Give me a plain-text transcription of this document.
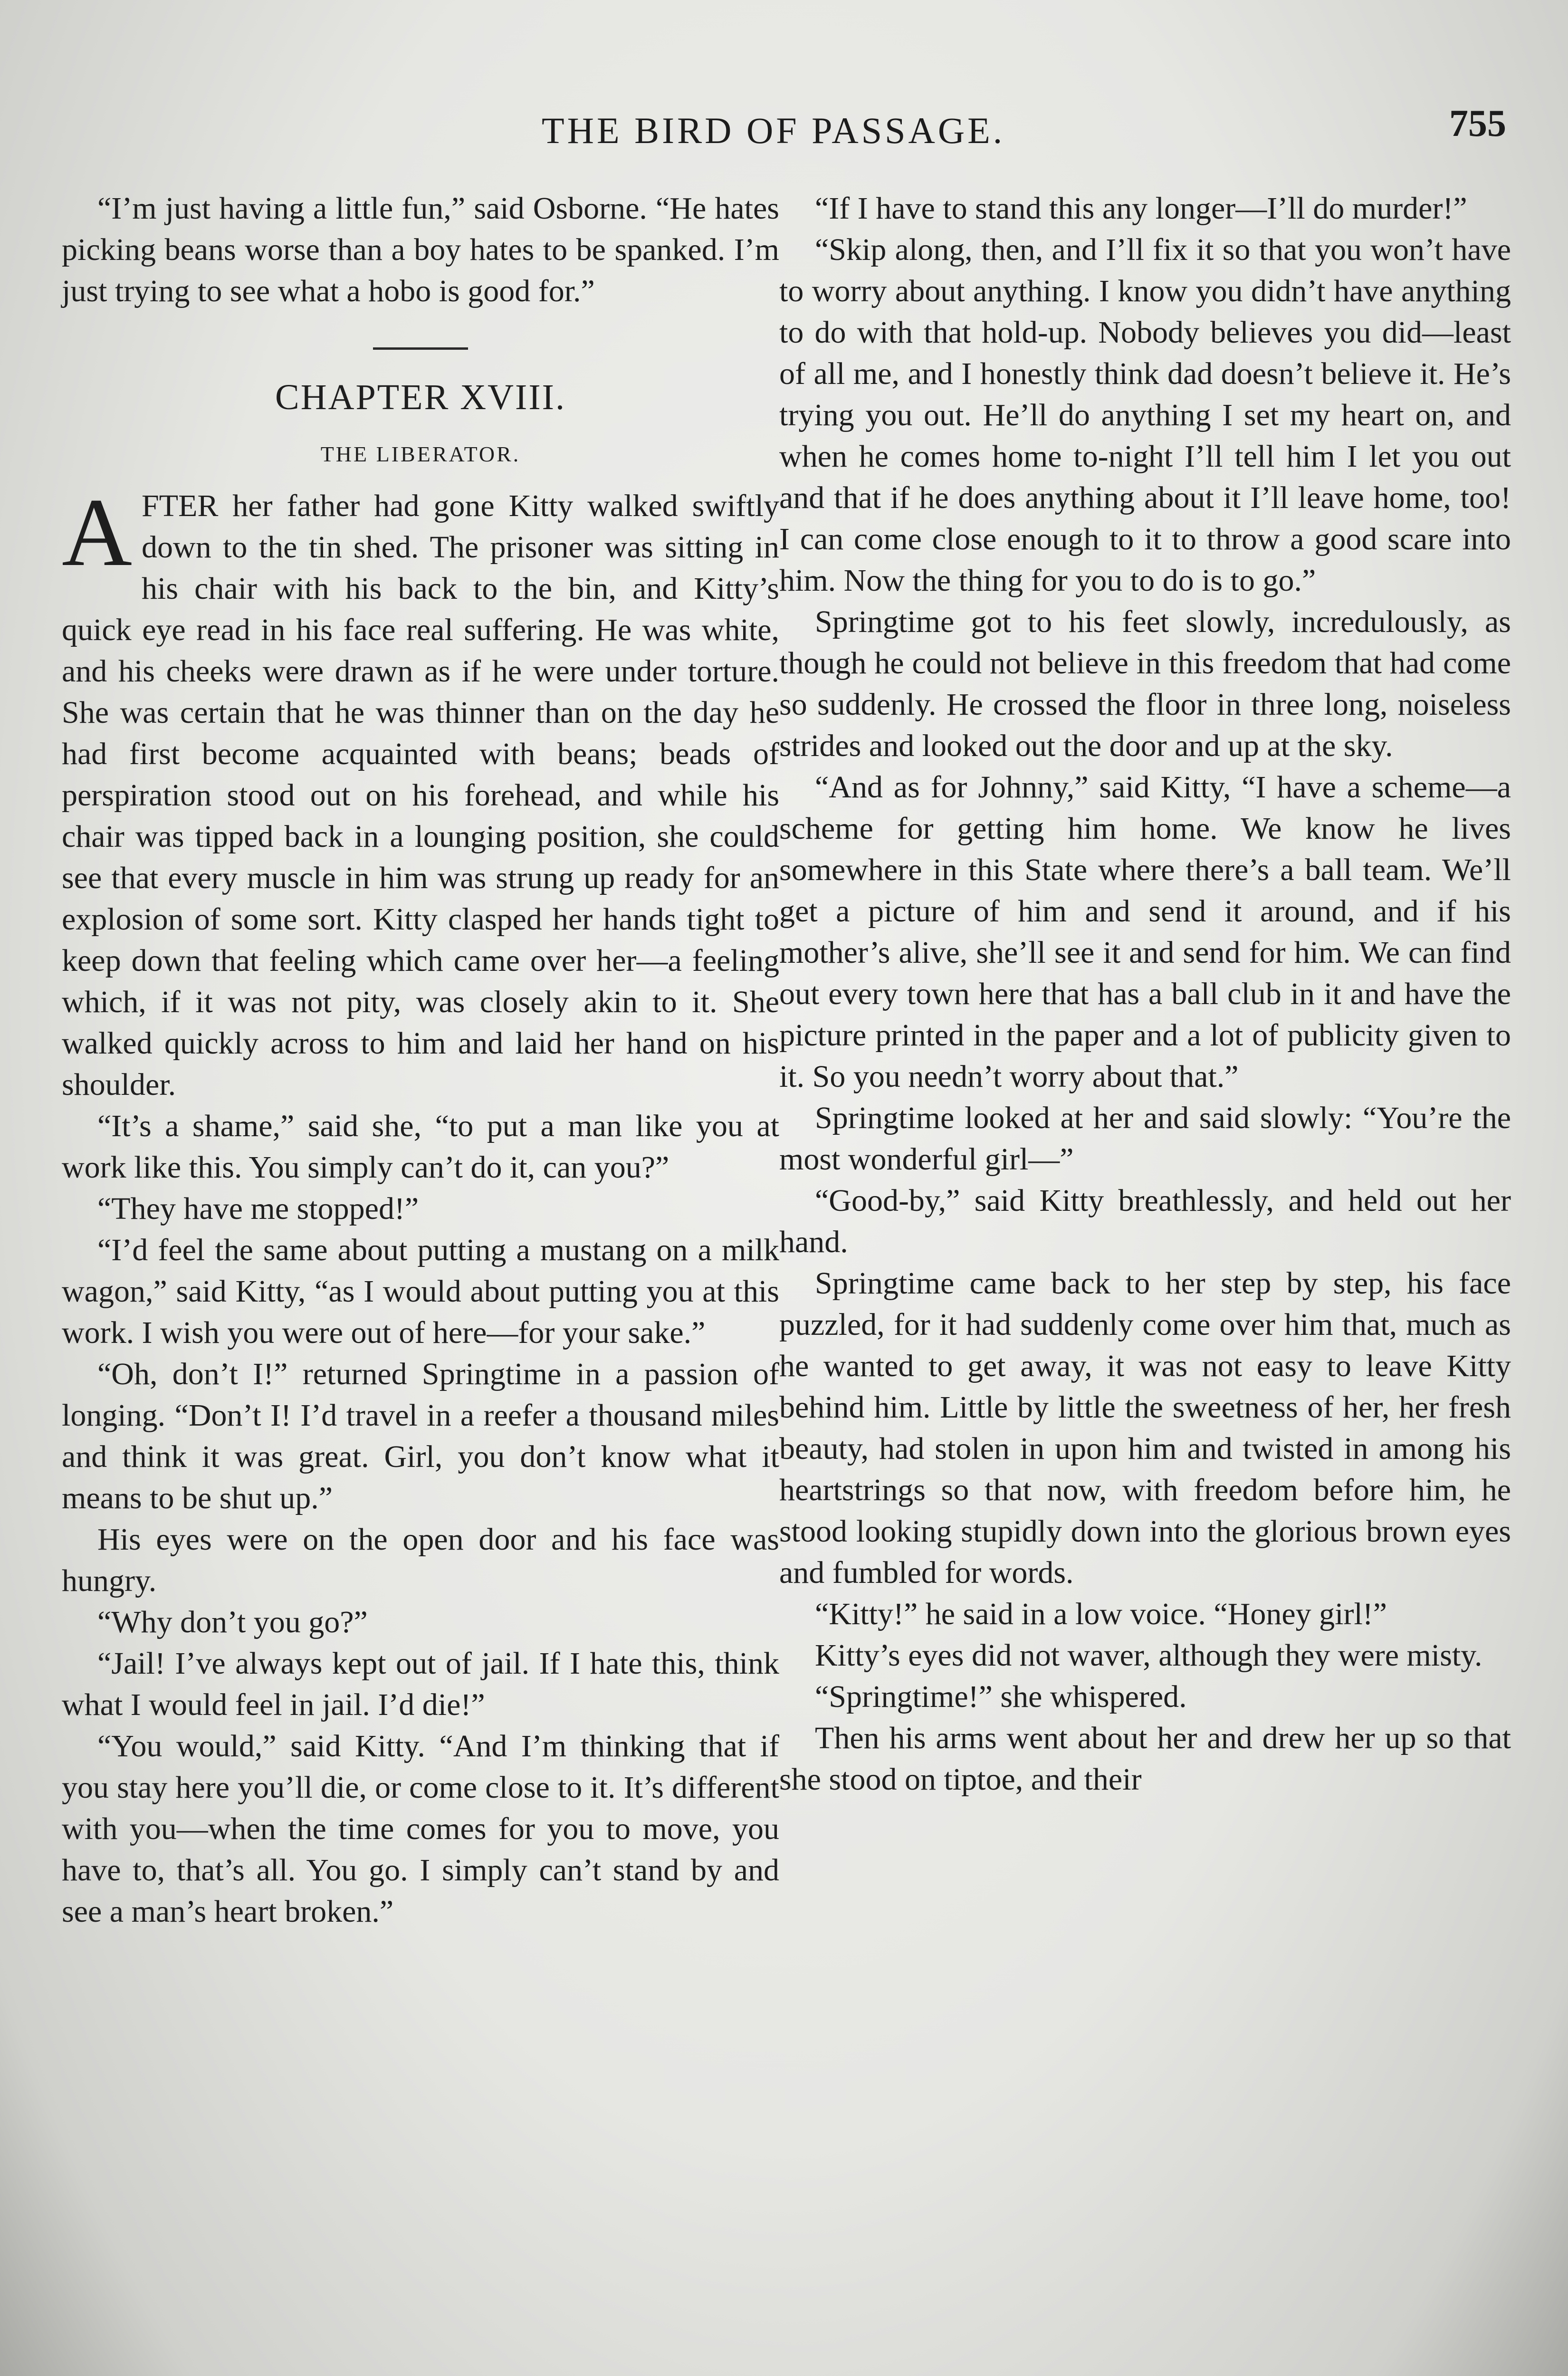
THE BIRD OF PASSAGE.	755

“I’m just having a little fun,” said Osborne. “He hates picking beans worse than a boy hates to be spanked. I’m just trying to see what a hobo is good for.”

CHAPTER XVIII.
THE LIBERATOR.

AFTER her father had gone Kitty walked swiftly down to the tin shed. The prisoner was sitting in his chair with his back to the bin, and Kitty’s quick eye read in his face real suffering. He was white, and his cheeks were drawn as if he were under torture. She was certain that he was thinner than on the day he had first become acquainted with beans; beads of perspiration stood out on his forehead, and while his chair was tipped back in a lounging position, she could see that every muscle in him was strung up ready for an explosion of some sort. Kitty clasped her hands tight to keep down that feeling which came over her—a feeling which, if it was not pity, was closely akin to it. She walked quickly across to him and laid her hand on his shoulder.

“It’s a shame,” said she, “to put a man like you at work like this. You simply can’t do it, can you?”

“They have me stopped!”

“I’d feel the same about putting a mustang on a milk wagon,” said Kitty, “as I would about putting you at this work. I wish you were out of here—for your sake.”

“Oh, don’t I!” returned Springtime in a passion of longing. “Don’t I! I’d travel in a reefer a thousand miles and think it was great. Girl, you don’t know what it means to be shut up.”

His eyes were on the open door and his face was hungry.

“Why don’t you go?”

“Jail! I’ve always kept out of jail. If I hate this, think what I would feel in jail. I’d die!”

“You would,” said Kitty. “And I’m thinking that if you stay here you’ll die, or come close to it. It’s different with you—when the time comes for you to move, you have to, that’s all. You go. I simply can’t stand by and see a man’s heart broken.”

“If I have to stand this any longer—I’ll do murder!”

“Skip along, then, and I’ll fix it so that you won’t have to worry about anything. I know you didn’t have anything to do with that hold-up. Nobody believes you did—least of all me, and I honestly think dad doesn’t believe it. He’s trying you out. He’ll do anything I set my heart on, and when he comes home to-night I’ll tell him I let you out and that if he does anything about it I’ll leave home, too! I can come close enough to it to throw a good scare into him. Now the thing for you to do is to go.”

Springtime got to his feet slowly, incredulously, as though he could not believe in this freedom that had come so suddenly. He crossed the floor in three long, noiseless strides and looked out the door and up at the sky.

“And as for Johnny,” said Kitty, “I have a scheme—a scheme for getting him home. We know he lives somewhere in this State where there’s a ball team. We’ll get a picture of him and send it around, and if his mother’s alive, she’ll see it and send for him. We can find out every town here that has a ball club in it and have the picture printed in the paper and a lot of publicity given to it. So you needn’t worry about that.”

Springtime looked at her and said slowly: “You’re the most wonderful girl—”

“Good-by,” said Kitty breathlessly, and held out her hand.

Springtime came back to her step by step, his face puzzled, for it had suddenly come over him that, much as he wanted to get away, it was not easy to leave Kitty behind him. Little by little the sweetness of her, her fresh beauty, had stolen in upon him and twisted in among his heartstrings so that now, with freedom before him, he stood looking stupidly down into the glorious brown eyes and fumbled for words.

“Kitty!” he said in a low voice. “Honey girl!”

Kitty’s eyes did not waver, although they were misty.

“Springtime!” she whispered.

Then his arms went about her and drew her up so that she stood on tiptoe, and their
